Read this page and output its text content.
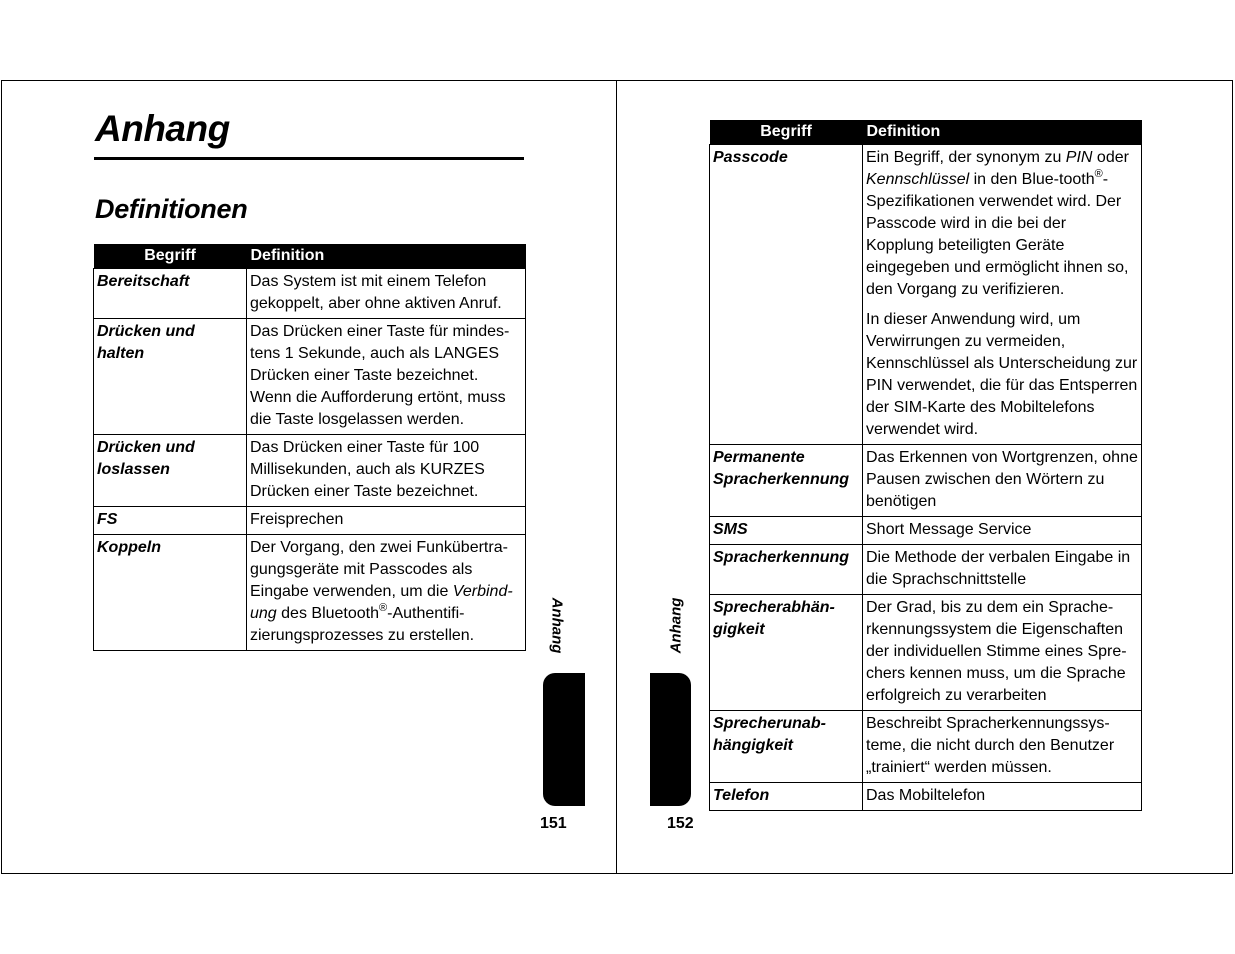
Anhang
Definitionen
Begriff	Definition
Bereitschaft	Das System ist mit einem Telefon gekoppelt, aber ohne aktiven Anruf.
Drücken und halten	Das Drücken einer Taste für mindes-tens 1 Sekunde, auch als LANGES Drücken einer Taste bezeichnet. Wenn die Aufforderung ertönt, muss die Taste losgelassen werden.
Drücken und loslassen	Das Drücken einer Taste für 100 Millisekunden, auch als KURZES Drücken einer Taste bezeichnet.
FS	Freisprechen
Koppeln	Der Vorgang, den zwei Funkübertra-gungsgeräte mit Passcodes als Eingabe verwenden, um die Verbind-ung des Bluetooth®-Authentifi-zierungsprozesses zu erstellen.	Anhang
151
Begriff	Definition
Passcode	Ein Begriff, der synonym zu PIN oder Kennschlüssel in den Blue-tooth®-Spezifikationen verwendet wird. Der Passcode wird in die bei der Kopplung beteiligten Geräte eingegeben und ermöglicht ihnen so, den Vorgang zu verifizieren.

In dieser Anwendung wird, um Verwirrungen zu vermeiden, Kennschlüssel als Unterscheidung zur PIN verwendet, die für das Entsperren der SIM-Karte des Mobiltelefons verwendet wird.

Permanente Spracherkennung	Das Erkennen von Wortgrenzen, ohne Pausen zwischen den Wörtern zu benötigen
SMS	Short Message Service
Spracherkennung	Die Methode der verbalen Eingabe in die Sprachschnittstelle
Sprecherabhän-gigkeit	Der Grad, bis zu dem ein Sprache-rkennungssystem die Eigenschaften der individuellen Stimme eines Spre-chers kennen muss, um die Sprache erfolgreich zu verarbeiten
Sprecherunab-hängigkeit	Beschreibt Spracherkennungssys-teme, die nicht durch den Benutzer „trainiert“ werden müssen.
Telefon	Das Mobiltelefon
Anhang
152
